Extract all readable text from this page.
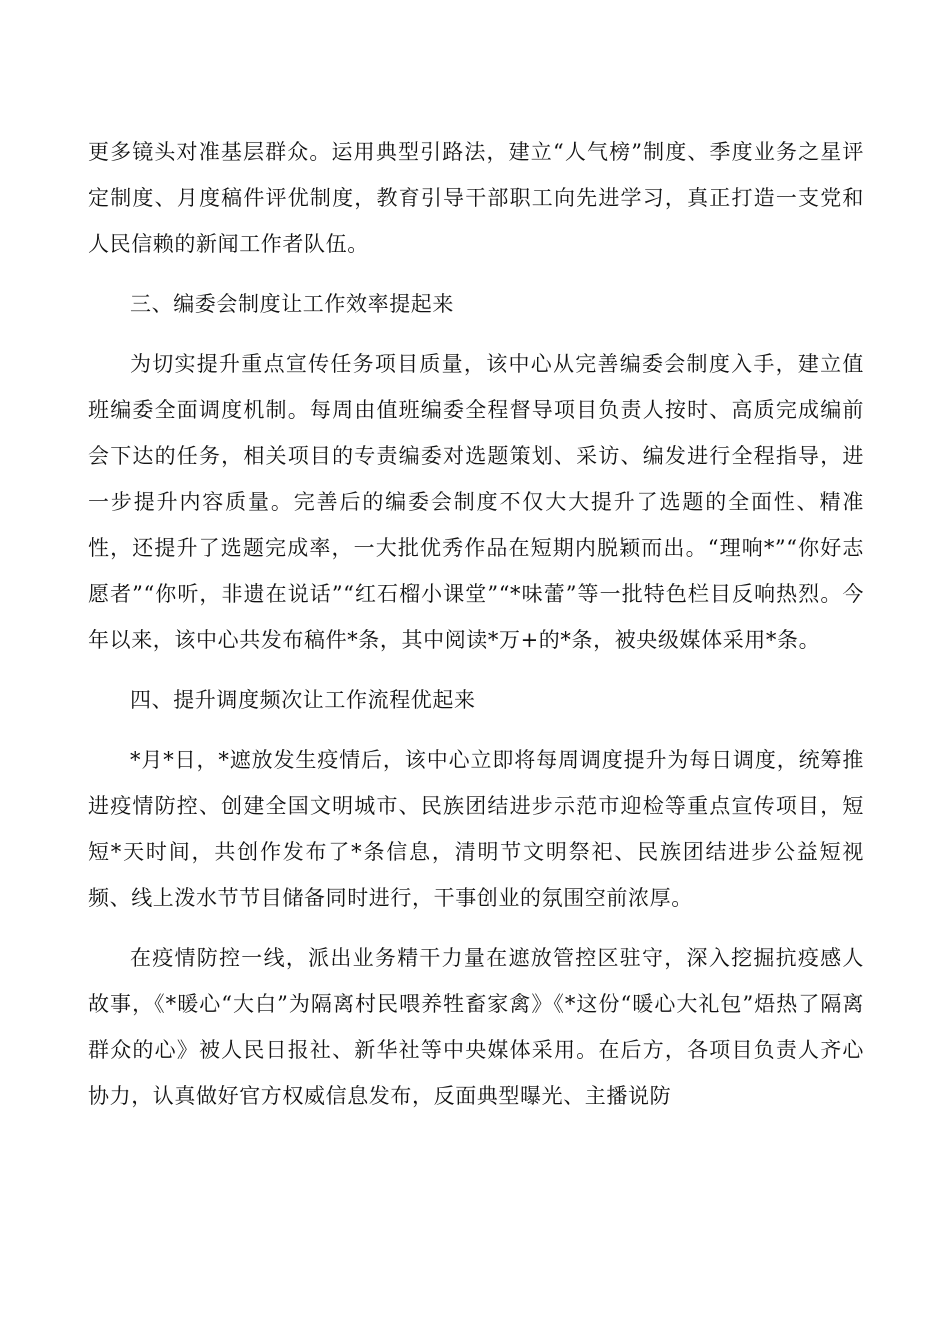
更多镜头对准基层群众。运用典型引路法，建立“人气榜”制度、季度业务之星评定制度、月度稿件评优制度，教育引导干部职工向先进学习，真正打造一支党和人民信赖的新闻工作者队伍。

三、编委会制度让工作效率提起来

为切实提升重点宣传任务项目质量，该中心从完善编委会制度入手，建立值班编委全面调度机制。每周由值班编委全程督导项目负责人按时、高质完成编前会下达的任务，相关项目的专责编委对选题策划、采访、编发进行全程指导，进一步提升内容质量。完善后的编委会制度不仅大大提升了选题的全面性、精准性，还提升了选题完成率，一大批优秀作品在短期内脱颖而出。“理响*”“你好志愿者”“你听，非遗在说话”“红石榴小课堂”“*味蕾”等一批特色栏目反响热烈。今年以来，该中心共发布稿件*条，其中阅读*万+的*条，被央级媒体采用*条。

四、提升调度频次让工作流程优起来

*月*日，*遮放发生疫情后，该中心立即将每周调度提升为每日调度，统筹推进疫情防控、创建全国文明城市、民族团结进步示范市迎检等重点宣传项目，短短*天时间，共创作发布了*条信息，清明节文明祭祀、民族团结进步公益短视频、线上泼水节节目储备同时进行，干事创业的氛围空前浓厚。

在疫情防控一线，派出业务精干力量在遮放管控区驻守，深入挖掘抗疫感人故事，《*暖心“大白”为隔离村民喂养牲畜家禽》《*这份“暖心大礼包”焐热了隔离群众的心》被人民日报社、新华社等中央媒体采用。在后方，各项目负责人齐心协力，认真做好官方权威信息发布，反面典型曝光、主播说防
